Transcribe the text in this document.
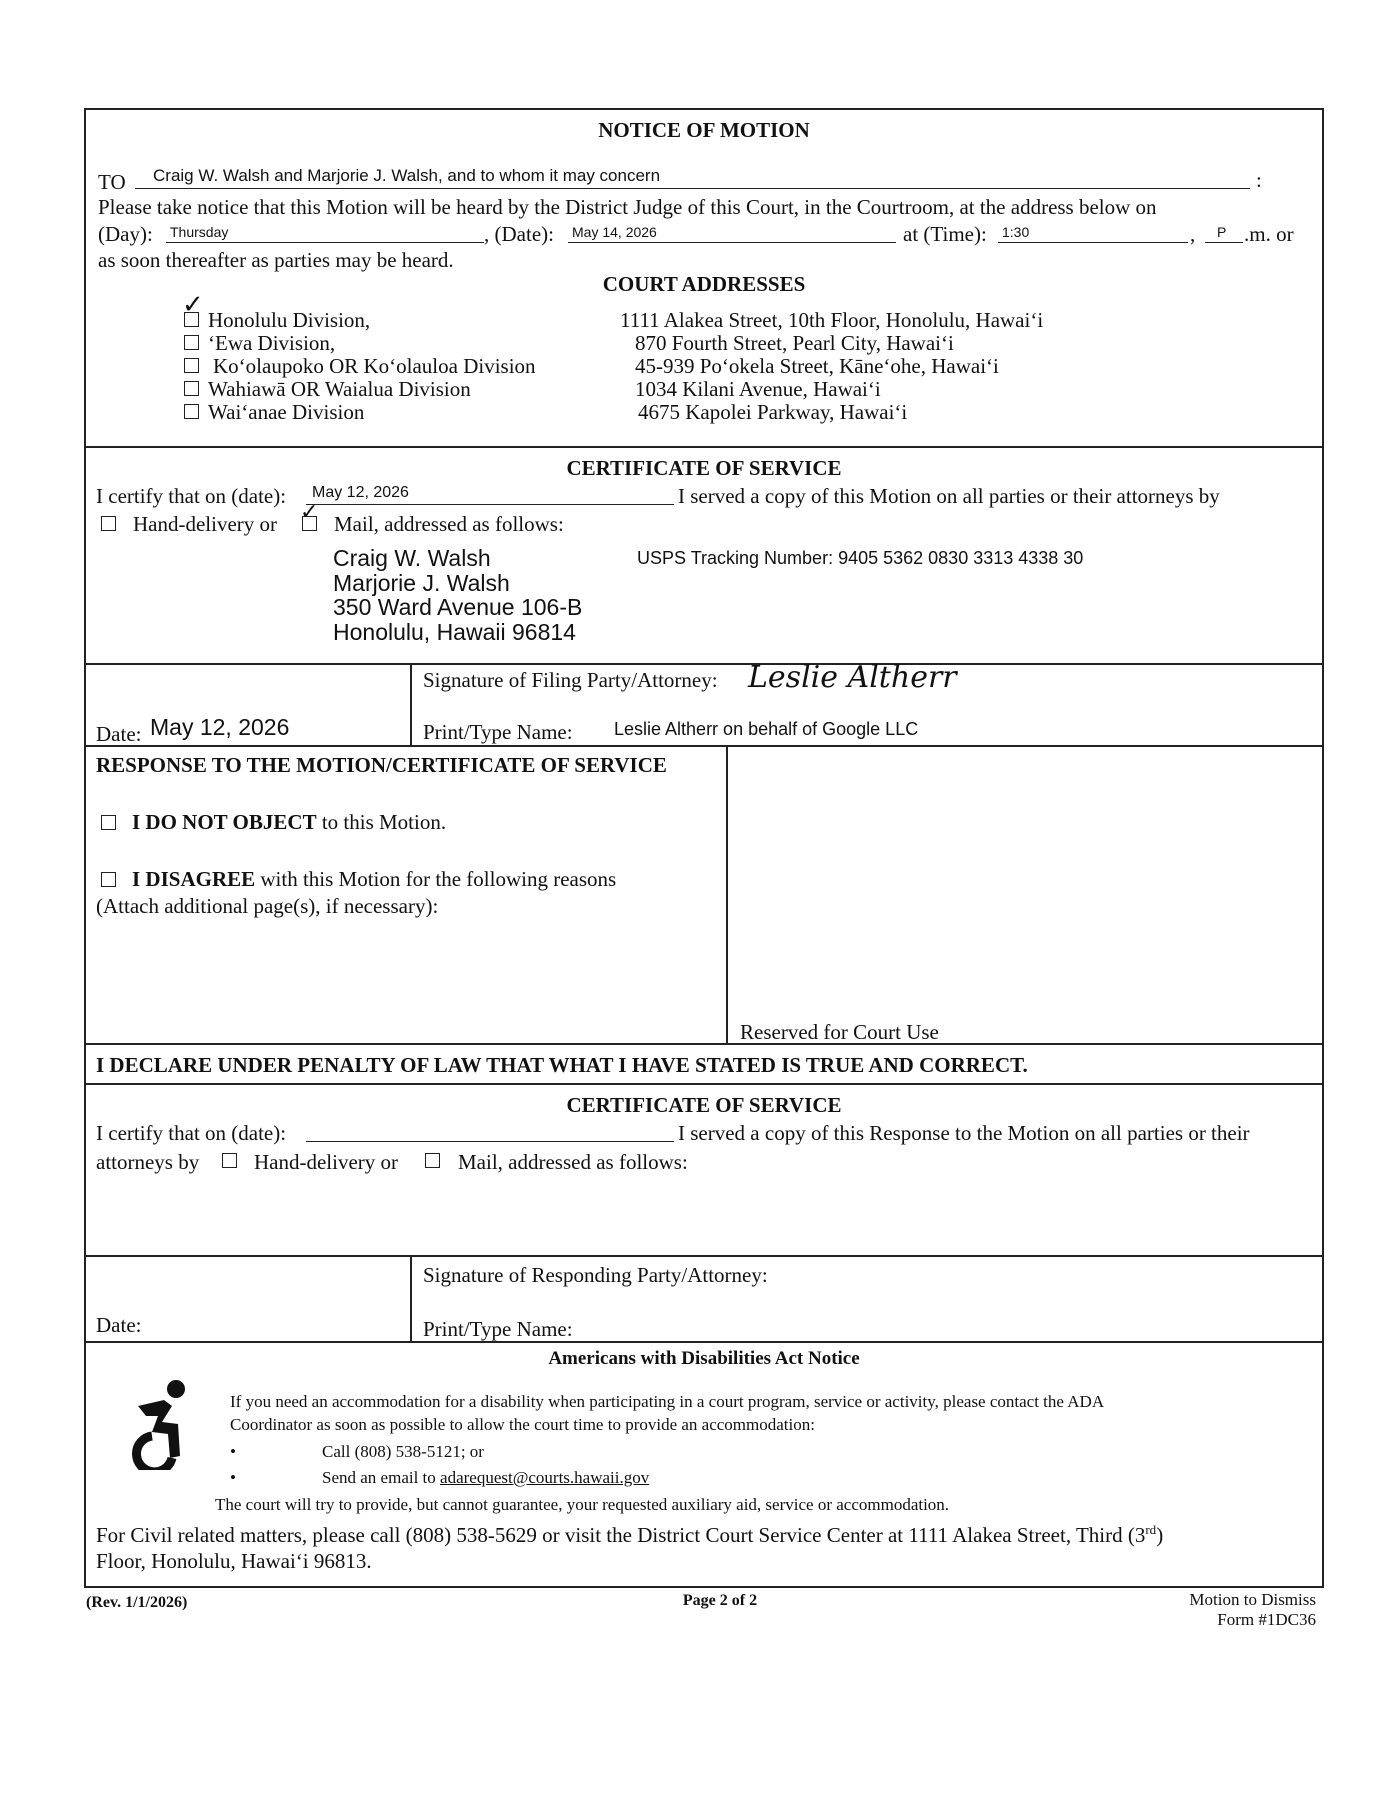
NOTICE OF MOTION
TO Craig W. Walsh and Marjorie J. Walsh, and to whom it may concern	:
Please take notice that this Motion will be heard by the District Judge of this Court, in the Courtroom, at the address below on
(Day): Thursday	, (Date): May 14, 2026	at (Time): 1:30	, P .m. or
as soon thereafter as parties may be heard.
COURT ADDRESSES
✓ Honolulu Division,	1111 Alakea Street, 10th Floor, Honolulu, Hawaiʻi
ʻEwa Division,	870 Fourth Street, Pearl City, Hawaiʻi
Koʻolaupoko OR Koʻolauloa Division	45-939 Poʻokela Street, Kāneʻohe, Hawaiʻi
Wahiawā OR Waialua Division	1034 Kilani Avenue, Hawaiʻi
Waiʻanae Division	4675 Kapolei Parkway, Hawaiʻi
CERTIFICATE OF SERVICE
I certify that on (date): May 12, 2026	I served a copy of this Motion on all parties or their attorneys by
Hand-delivery or ✓ Mail, addressed as follows:
Craig W. Walsh
Marjorie J. Walsh
350 Ward Avenue 106-B
Honolulu, Hawaii 96814
USPS Tracking Number: 9405 5362 0830 3313 4338 30
Signature of Filing Party/Attorney: Leslie Altherr
Date: May 12, 2026	Print/Type Name: Leslie Altherr on behalf of Google LLC
RESPONSE TO THE MOTION/CERTIFICATE OF SERVICE
I DO NOT OBJECT to this Motion.
I DISAGREE with this Motion for the following reasons
(Attach additional page(s), if necessary):
Reserved for Court Use
I DECLARE UNDER PENALTY OF LAW THAT WHAT I HAVE STATED IS TRUE AND CORRECT.
CERTIFICATE OF SERVICE
I certify that on (date):	I served a copy of this Response to the Motion on all parties or their
attorneys by	Hand-delivery or	Mail, addressed as follows:
Signature of Responding Party/Attorney:
Date:	Print/Type Name:
Americans with Disabilities Act Notice
If you need an accommodation for a disability when participating in a court program, service or activity, please contact the ADA
Coordinator as soon as possible to allow the court time to provide an accommodation:
•	Call (808) 538-5121; or
•	Send an email to adarequest@courts.hawaii.gov
The court will try to provide, but cannot guarantee, your requested auxiliary aid, service or accommodation.
For Civil related matters, please call (808) 538-5629 or visit the District Court Service Center at 1111 Alakea Street, Third (3rd)
Floor, Honolulu, Hawaiʻi 96813.
(Rev. 1/1/2026)	Page 2 of 2	Motion to Dismiss
Form #1DC36
